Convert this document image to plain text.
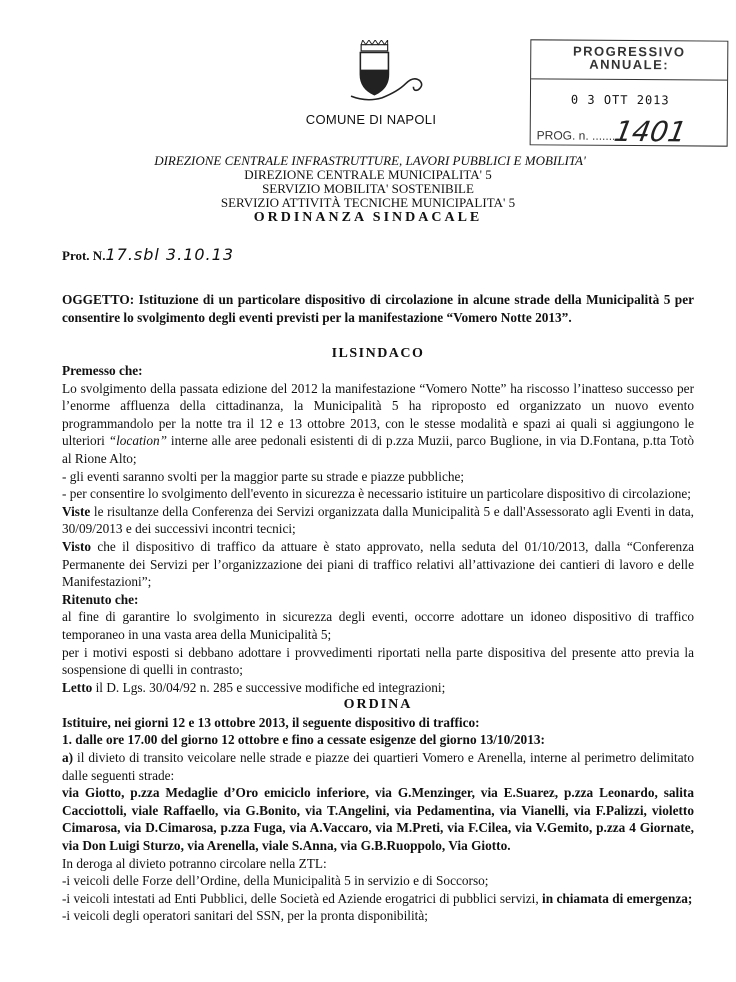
COMUNE DI NAPOLI
PROGRESSIVO
ANNUALE:
0 3 OTT 2013
PROG. n. ........
1401
DIREZIONE CENTRALE INFRASTRUTTURE, LAVORI PUBBLICI E MOBILITA'
DIREZIONE CENTRALE MUNICIPALITA' 5
SERVIZIO MOBILITA' SOSTENIBILE
SERVIZIO ATTIVITÀ TECNICHE MUNICIPALITA' 5
ORDINANZA SINDACALE
Prot. N.17.sbl 3.10.13
OGGETTO: Istituzione di un particolare dispositivo di circolazione in alcune strade della Municipalità 5 per consentire lo svolgimento degli eventi previsti per la manifestazione “Vomero Notte 2013”.
ILSINDACO
Premesso che:
Lo svolgimento della passata edizione del 2012 la manifestazione “Vomero Notte” ha riscosso l’inatteso successo per l’enorme affluenza della cittadinanza, la Municipalità 5 ha riproposto ed organizzato un nuovo evento programmandolo per la notte tra il 12 e 13 ottobre 2013, con le stesse modalità e spazi ai quali si aggiungono le ulteriori “location” interne alle aree pedonali esistenti di di p.zza Muzii, parco Buglione, in via D.Fontana, p.tta Totò al Rione Alto;
- gli eventi saranno svolti per la maggior parte su strade e piazze pubbliche;
- per consentire lo svolgimento dell'evento in sicurezza è necessario istituire un particolare dispositivo di circolazione;
Viste le risultanze della Conferenza dei Servizi organizzata dalla Municipalità 5 e dall'Assessorato agli Eventi in data, 30/09/2013 e dei successivi incontri tecnici;
Visto che il dispositivo di traffico da attuare è stato approvato, nella seduta del 01/10/2013, dalla “Conferenza Permanente dei Servizi per l’organizzazione dei piani di traffico relativi all’attivazione dei cantieri di lavoro e delle Manifestazioni”;
Ritenuto che:
al fine di garantire lo svolgimento in sicurezza degli eventi, occorre adottare un idoneo dispositivo di traffico temporaneo in una vasta area della Municipalità 5;
per i motivi esposti si debbano adottare i provvedimenti riportati nella parte dispositiva del presente atto previa la sospensione di quelli in contrasto;
Letto il D. Lgs. 30/04/92 n. 285 e successive modifiche ed integrazioni;
ORDINA
Istituire, nei giorni 12 e 13 ottobre 2013, il seguente dispositivo di traffico:
1. dalle ore 17.00 del giorno 12 ottobre e fino a cessate esigenze del giorno 13/10/2013:
a) il divieto di transito veicolare nelle strade e piazze dei quartieri Vomero e Arenella, interne al perimetro delimitato dalle seguenti strade:
via Giotto, p.zza Medaglie d’Oro emiciclo inferiore, via G.Menzinger, via E.Suarez, p.zza Leonardo, salita Cacciottoli, viale Raffaello, via G.Bonito, via T.Angelini, via Pedamentina, via Vianelli, via F.Palizzi, violetto Cimarosa, via D.Cimarosa, p.zza Fuga, via A.Vaccaro, via M.Preti, via F.Cilea, via V.Gemito, p.zza 4 Giornate, via Don Luigi Sturzo, via Arenella, viale S.Anna, via G.B.Ruoppolo, Via Giotto.
In deroga al divieto potranno circolare nella ZTL:
-i veicoli delle Forze dell’Ordine, della Municipalità 5 in servizio e di Soccorso;
-i veicoli intestati ad Enti Pubblici, delle Società ed Aziende erogatrici di pubblici servizi, in chiamata di emergenza;
-i veicoli degli operatori sanitari del SSN, per la pronta disponibilità;
